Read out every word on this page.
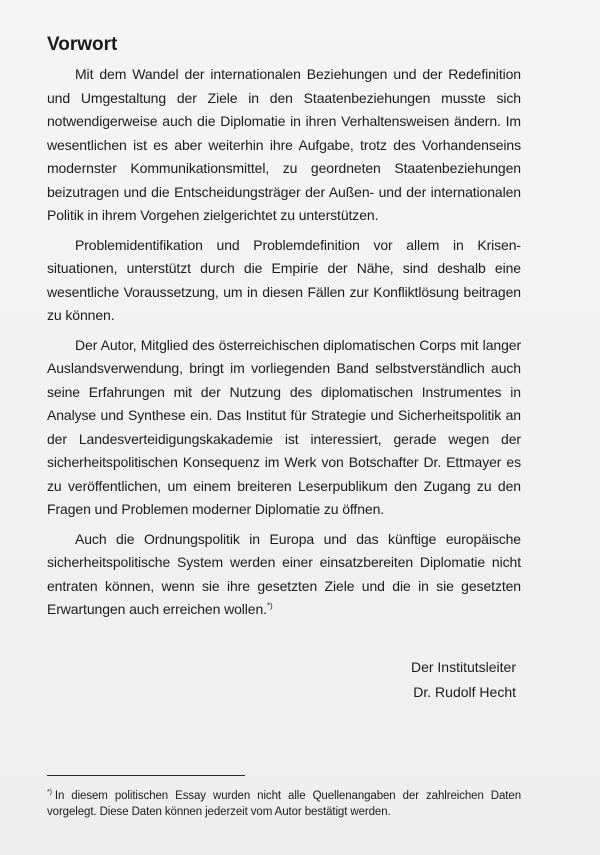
Vorwort

Mit dem Wandel der internationalen Beziehungen und der Redefinition und Umgestaltung der Ziele in den Staatenbeziehungen musste sich notwendigerweise auch die Diplomatie in ihren Verhaltensweisen ändern. Im wesentlichen ist es aber weiterhin ihre Aufgabe, trotz des Vorhandenseins modernster Kommunikationsmittel, zu geordneten Staatenbeziehungen beizutragen und die Entscheidungsträger der Außen- und der internationalen Politik in ihrem Vorgehen zielgerichtet zu unterstützen.

Problemidentifikation und Problemdefinition vor allem in Krisen-situationen, unterstützt durch die Empirie der Nähe, sind deshalb eine wesentliche Voraussetzung, um in diesen Fällen zur Konfliktlösung beitragen zu können.

Der Autor, Mitglied des österreichischen diplomatischen Corps mit langer Auslandsverwendung, bringt im vorliegenden Band selbstverständlich auch seine Erfahrungen mit der Nutzung des diplomatischen Instrumentes in Analyse und Synthese ein. Das Institut für Strategie und Sicherheitspolitik an der Landesverteidigungskakademie ist interessiert, gerade wegen der sicherheitspolitischen Konsequenz im Werk von Botschafter Dr. Ettmayer es zu veröffentlichen, um einem breiteren Leserpublikum den Zugang zu den Fragen und Problemen moderner Diplomatie zu öffnen.

Auch die Ordnungspolitik in Europa und das künftige europäische sicherheitspolitische System werden einer einsatzbereiten Diplomatie nicht entraten können, wenn sie ihre gesetzten Ziele und die in sie gesetzten Erwartungen auch erreichen wollen.*)

Der Institutsleiter
Dr. Rudolf Hecht
*) In diesem politischen Essay wurden nicht alle Quellenangaben der zahlreichen Daten vorgelegt. Diese Daten können jederzeit vom Autor bestätigt werden.
